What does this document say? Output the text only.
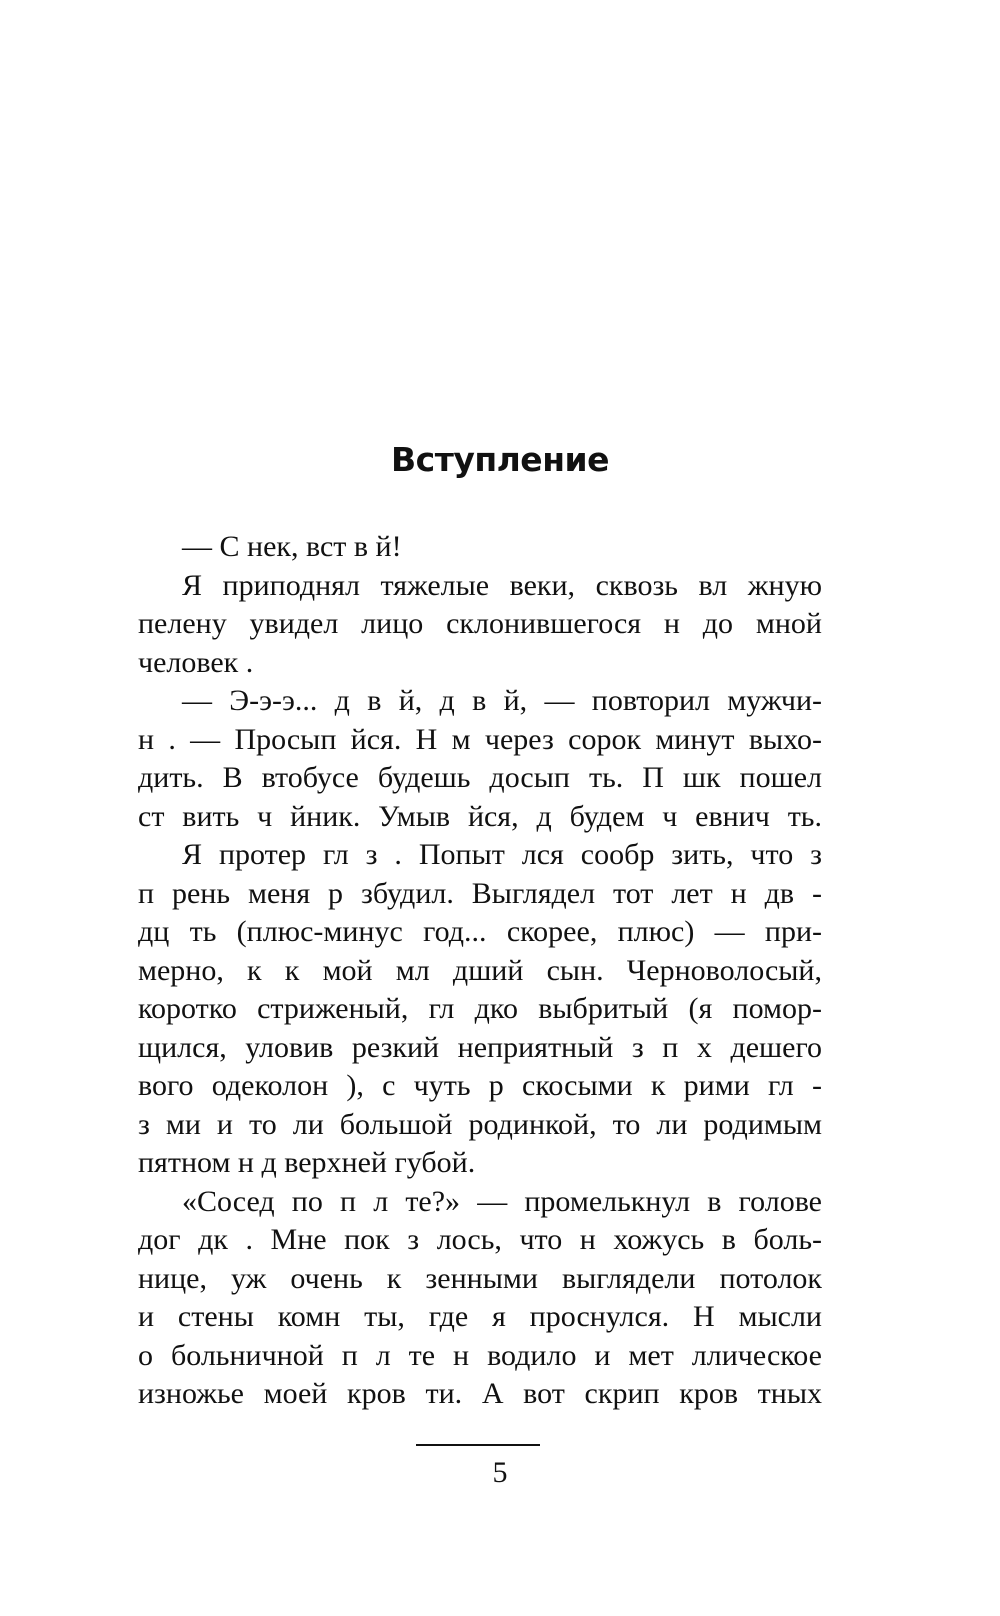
Вступление
— С нек, вст в й!
Я приподнял тяжелые веки, сквозь вл жную
пелену увидел лицо склонившегося н до мной
человек .
— Э-э-э... д в й, д в й, — повторил мужчи-
н . — Просып йся. Н м через сорок минут выхо-
дить. В втобусе будешь досып ть. П шк пошел
ст вить ч йник. Умыв йся, д будем ч евнич ть.
Я протер гл з . Попыт лся сообр зить, что з
п рень меня р збудил. Выглядел тот лет н дв -
дц ть (плюс-минус год... скорее, плюс) — при-
мерно, к к мой мл дший сын. Черноволосый,
коротко стриженый, гл дко выбритый (я помор-
щился, уловив резкий неприятный з п х дешего
вого одеколон ), с чуть р скосыми к рими гл -
з ми и то ли большой родинкой, то ли родимым
пятном н д верхней губой.
«Сосед по п л те?» — промелькнул в голове
дог дк . Мне пок з лось, что н хожусь в боль-
нице, уж очень к зенными выглядели потолок
и стены комн ты, где я проснулся. Н мысли
о больничной п л те н водило и мет ллическое
изножье моей кров ти. А вот скрип кров тных
5
